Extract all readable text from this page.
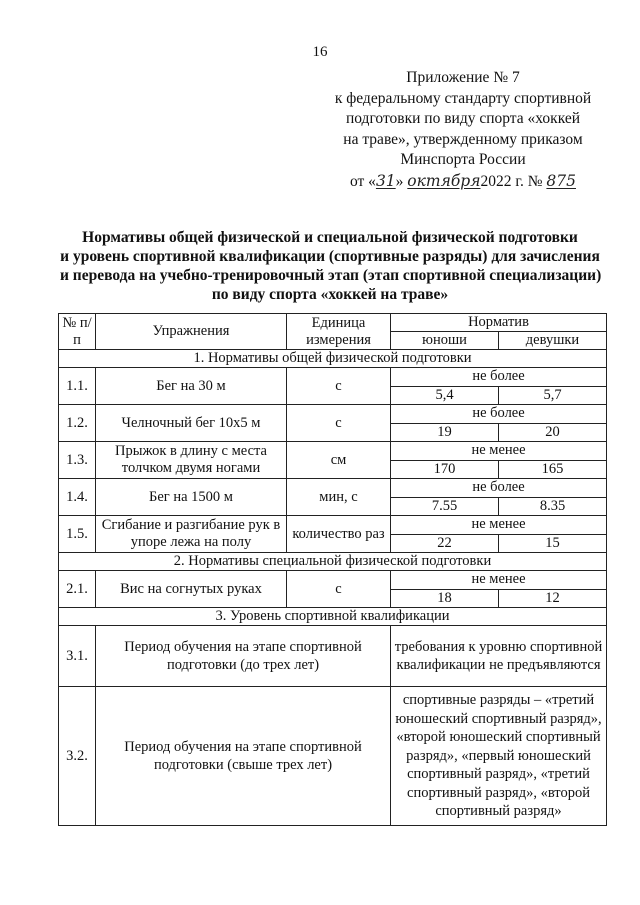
16
Приложение № 7
к федеральному стандарту спортивной
подготовки по виду спорта «хоккей
на траве», утвержденному приказом
Минспорта России
от «31» октября2022 г. № 875
Нормативы общей физической и специальной физической подготовки
и уровень спортивной квалификации (спортивные разряды) для зачисления
и перевода на учебно-тренировочный этап (этап спортивной специализации)
по виду спорта «хоккей на траве»
№ п/п	Упражнения	Единица измерения	Норматив	
			юноши	девушки
1. Нормативы общей физической подготовки				
1.1.	Бег на 30 м	с	не более	
			5,4	5,7
1.2.	Челночный бег 10х5 м	с	не более	
			19	20
1.3.	Прыжок в длину с места толчком двумя ногами	см	не менее	
			170	165
1.4.	Бег на 1500 м	мин, с	не более	
			7.55	8.35
1.5.	Сгибание и разгибание рук в упоре лежа на полу	количество раз	не менее	
			22	15
2. Нормативы специальной физической подготовки				
2.1.	Вис на согнутых руках	с	не менее	
			18	12
3. Уровень спортивной квалификации				
3.1.	Период обучения на этапе спортивной подготовки (до трех лет)		требования к уровню спортивной квалификации не предъявляются	
3.2.	Период обучения на этапе спортивной подготовки (свыше трех лет)		спортивные разряды – «третий юношеский спортивный разряд», «второй юношеский спортивный разряд», «первый юношеский спортивный разряд», «третий спортивный разряд», «второй спортивный разряд»	
